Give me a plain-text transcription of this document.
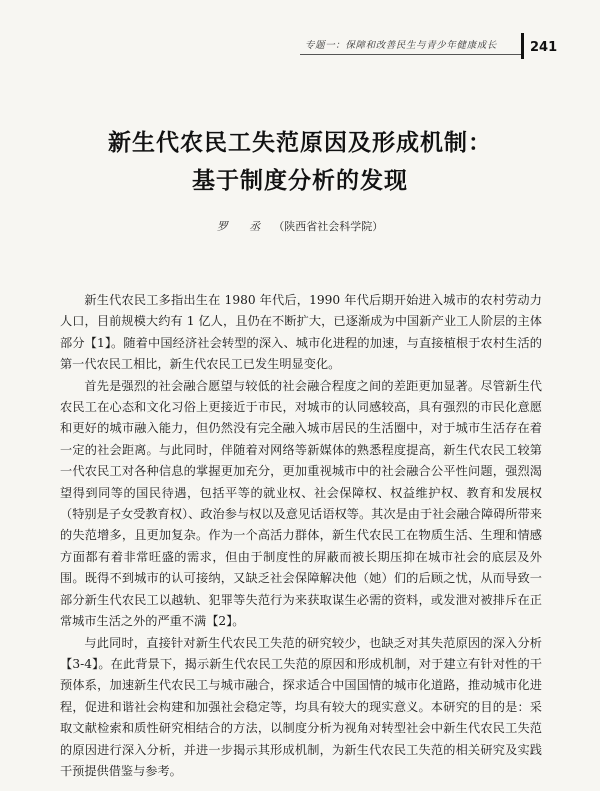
专题一：保障和改善民生与青少年健康成长	241
新生代农民工失范原因及形成机制：
基于制度分析的发现
罗 丞 （陕西省社会科学院）

新生代农民工多指出生在 1980 年代后，1990 年代后期开始进入城市的农村劳动力人口，目前规模大约有 1 亿人，且仍在不断扩大，已逐渐成为中国新产业工人阶层的主体部分【1】。随着中国经济社会转型的深入、城市化进程的加速，与直接植根于农村生活的第一代农民工相比，新生代农民工已发生明显变化。

首先是强烈的社会融合愿望与较低的社会融合程度之间的差距更加显著。尽管新生代农民工在心态和文化习俗上更接近于市民，对城市的认同感较高，具有强烈的市民化意愿和更好的城市融入能力，但仍然没有完全融入城市居民的生活圈中，对于城市生活存在着一定的社会距离。与此同时，伴随着对网络等新媒体的熟悉程度提高，新生代农民工较第一代农民工对各种信息的掌握更加充分，更加重视城市中的社会融合公平性问题，强烈渴望得到同等的国民待遇，包括平等的就业权、社会保障权、权益维护权、教育和发展权（特别是子女受教育权）、政治参与权以及意见话语权等。其次是由于社会融合障碍所带来的失范增多，且更加复杂。作为一个高活力群体，新生代农民工在物质生活、生理和情感方面都有着非常旺盛的需求，但由于制度性的屏蔽而被长期压抑在城市社会的底层及外围。既得不到城市的认可接纳，又缺乏社会保障解决他（她）们的后顾之忧，从而导致一部分新生代农民工以越轨、犯罪等失范行为来获取谋生必需的资料，或发泄对被排斥在正常城市生活之外的严重不满【2】。

与此同时，直接针对新生代农民工失范的研究较少，也缺乏对其失范原因的深入分析【3-4】。在此背景下，揭示新生代农民工失范的原因和形成机制，对于建立有针对性的干预体系，加速新生代农民工与城市融合，探求适合中国国情的城市化道路，推动城市化进程，促进和谐社会构建和加强社会稳定等，均具有较大的现实意义。本研究的目的是：采取文献检索和质性研究相结合的方法，以制度分析为视角对转型社会中新生代农民工失范的原因进行深入分析，并进一步揭示其形成机制，为新生代农民工失范的相关研究及实践干预提供借鉴与参考。
